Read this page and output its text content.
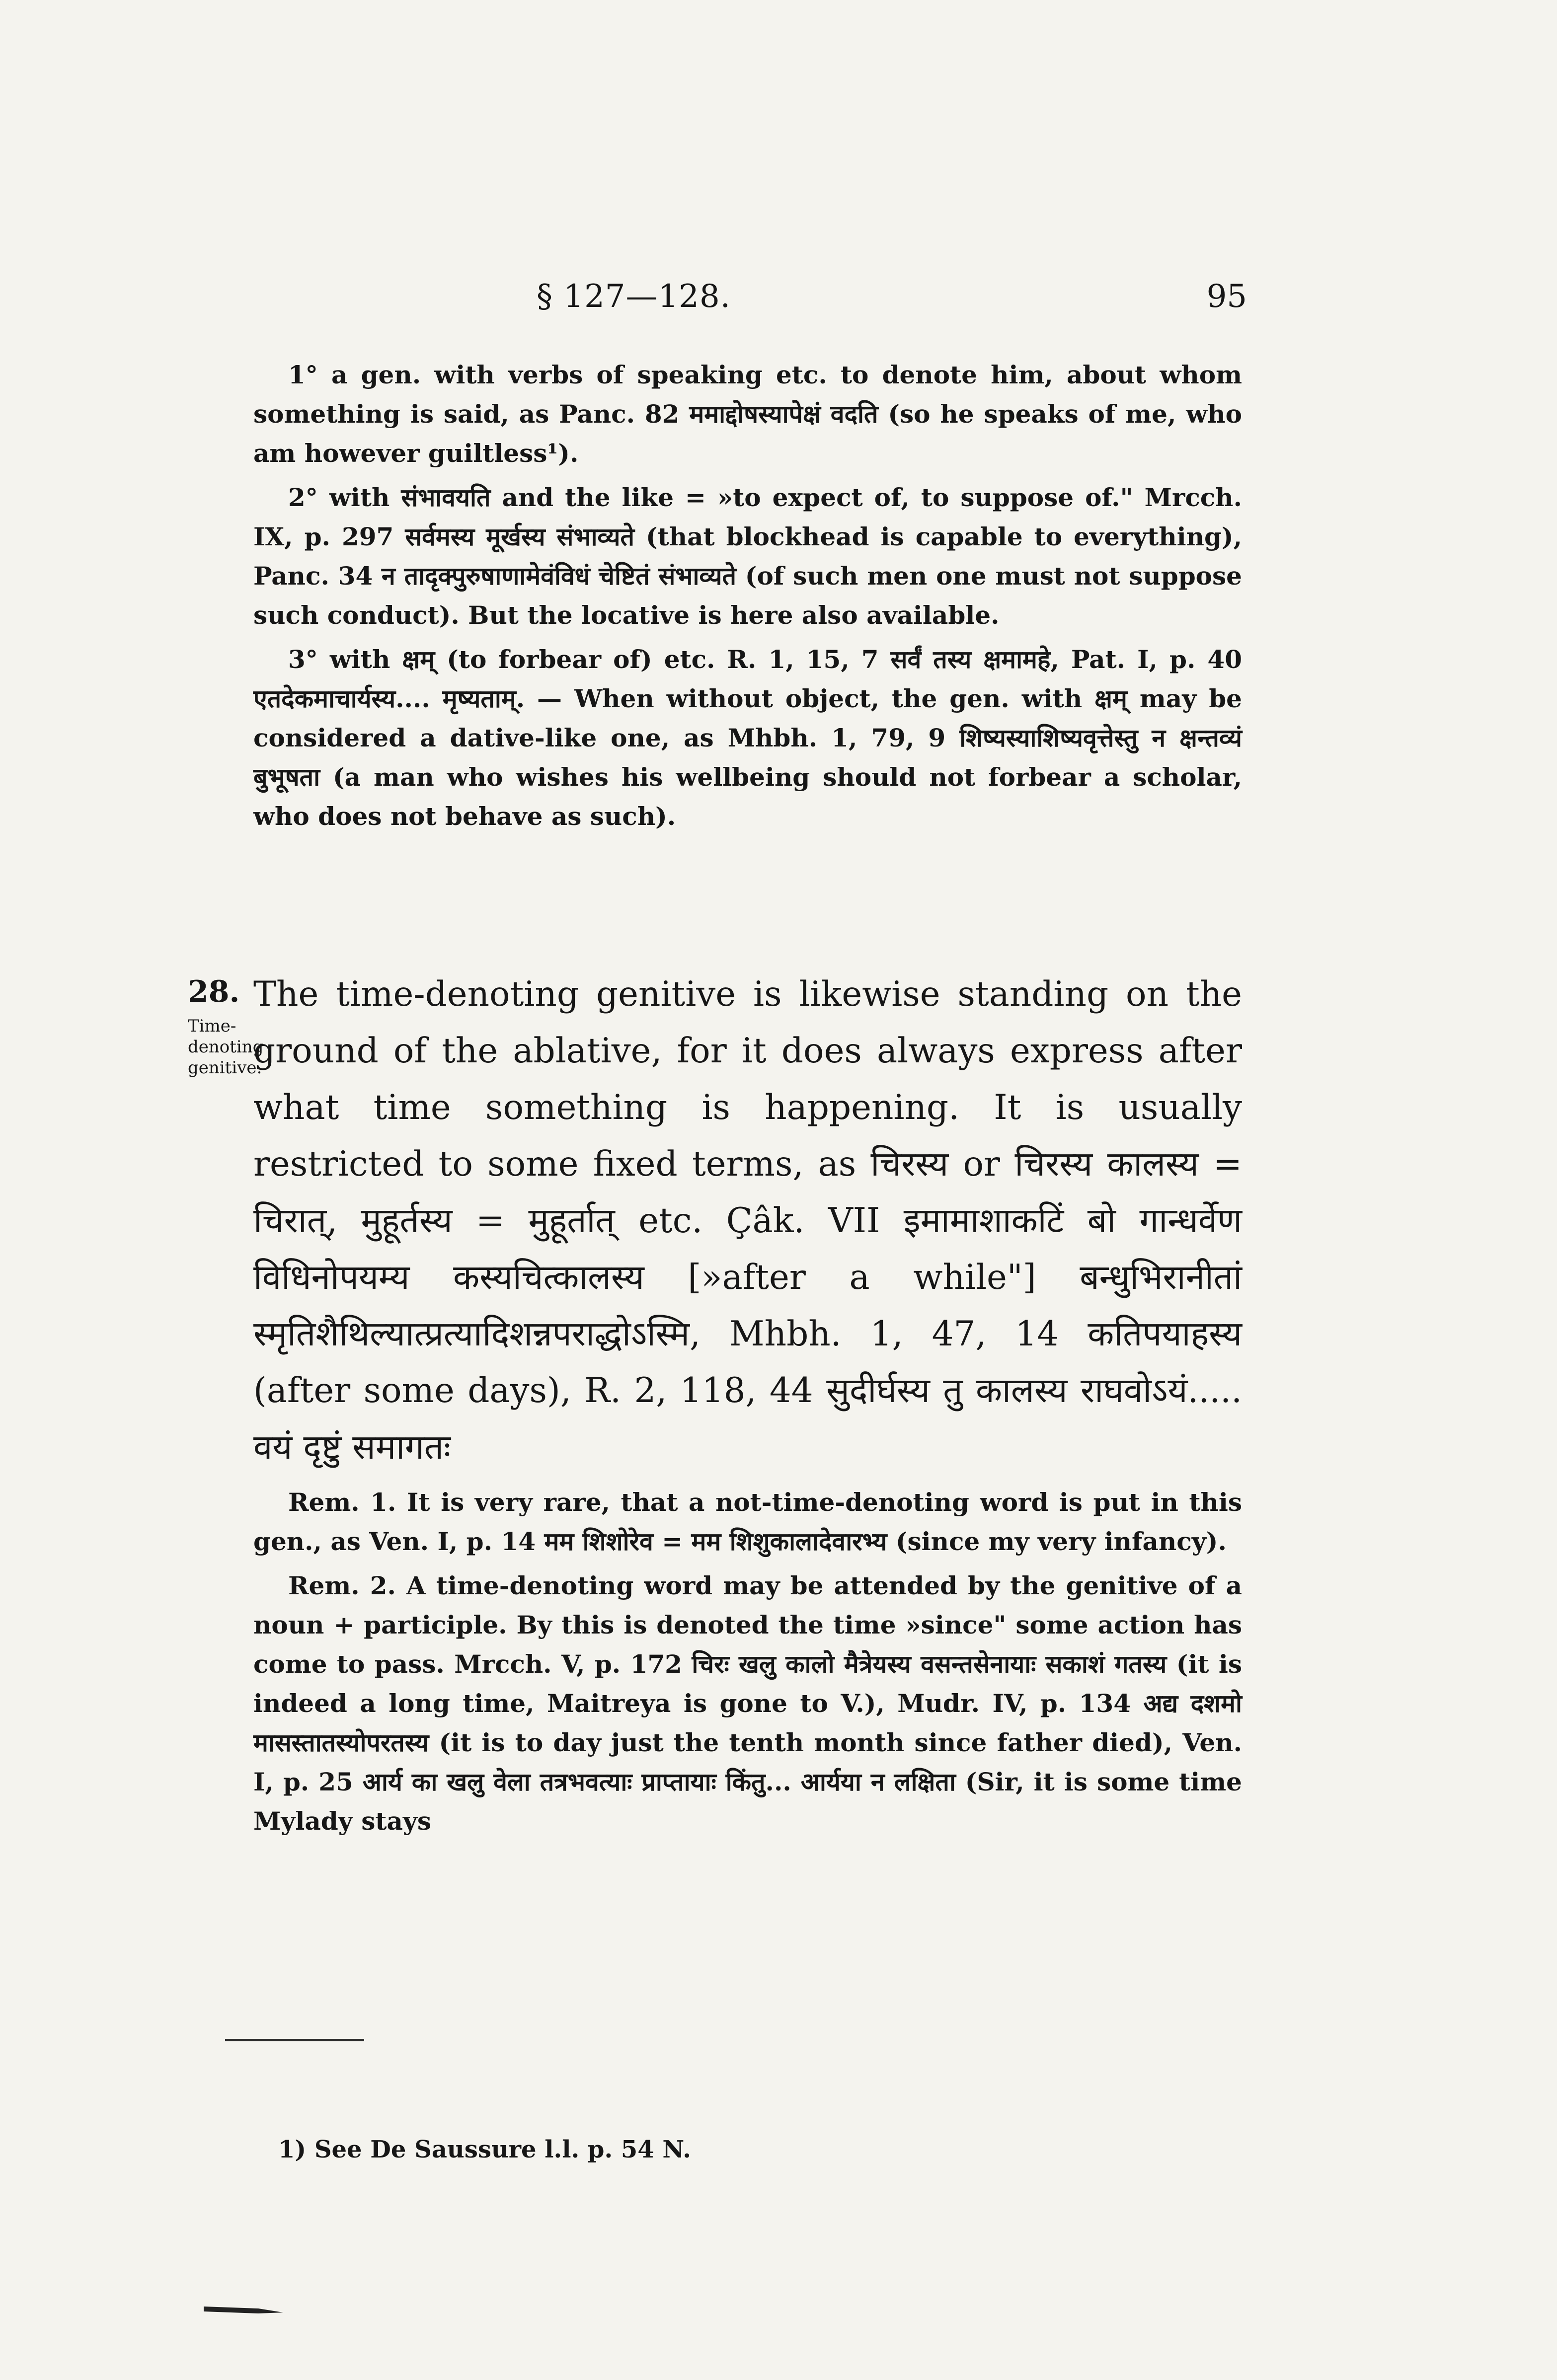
§ 127—128.	95

1° a gen. with verbs of speaking etc. to denote him, about whom something is said, as Panc. 82 ममाद्दोषस्यापेक्षं वदति (so he speaks of me, who am however guiltless¹).

2° with संभावयति and the like = »to expect of, to suppose of." Mrcch. IX, p. 297 सर्वमस्य मूर्खस्य संभाव्यते (that blockhead is capable to everything), Panc. 34 न तादृक्पुरुषाणामेवंविधं चेष्टितं संभाव्यते (of such men one must not suppose such conduct). But the locative is here also available.

3° with क्षम् (to forbear of) etc. R. 1, 15, 7 सर्वं तस्य क्षमामहे, Pat. I, p. 40 एतदेकमाचार्यस्य.... मृष्यताम्. — When without object, the gen. with क्षम् may be considered a dative-like one, as Mhbh. 1, 79, 9 शिष्यस्याशिष्यवृत्तेस्तु न क्षन्तव्यं बुभूषता (a man who wishes his wellbeing should not forbear a scholar, who does not behave as such).

28.
Time-denoting genitive.

The time-denoting genitive is likewise standing on the ground of the ablative, for it does always express after what time something is happening. It is usually restricted to some fixed terms, as चिरस्य or चिरस्य कालस्य = चिरात्, मुहूर्तस्य = मुहूर्तात् etc. Çâk. VII इमामाशाकटिं बो गान्धर्वेण विधिनोपयम्य कस्यचित्कालस्य [»after a while"] बन्धुभिरानीतां स्मृतिशैथिल्यात्प्रत्यादिशन्नपराद्धोऽस्मि, Mhbh. 1, 47, 14 कतिपयाहस्य (after some days), R. 2, 118, 44 सुदीर्घस्य तु कालस्य राघवोऽयं..... वयं दृष्टुं समागतः

Rem. 1. It is very rare, that a not-time-denoting word is put in this gen., as Ven. I, p. 14 मम शिशोरेव = मम शिशुकालादेवारभ्य (since my very infancy).

Rem. 2. A time-denoting word may be attended by the genitive of a noun + participle. By this is denoted the time »since" some action has come to pass. Mrcch. V, p. 172 चिरः खलु कालो मैत्रेयस्य वसन्तसेनायाः सकाशं गतस्य (it is indeed a long time, Maitreya is gone to V.), Mudr. IV, p. 134 अद्य दशमो मासस्तातस्योपरतस्य (it is to day just the tenth month since father died), Ven. I, p. 25 आर्य का खलु वेला तत्रभवत्याः प्राप्तायाः किंतु... आर्यया न लक्षिता (Sir, it is some time Mylady stays

1) See De Saussure l.l. p. 54 N.
